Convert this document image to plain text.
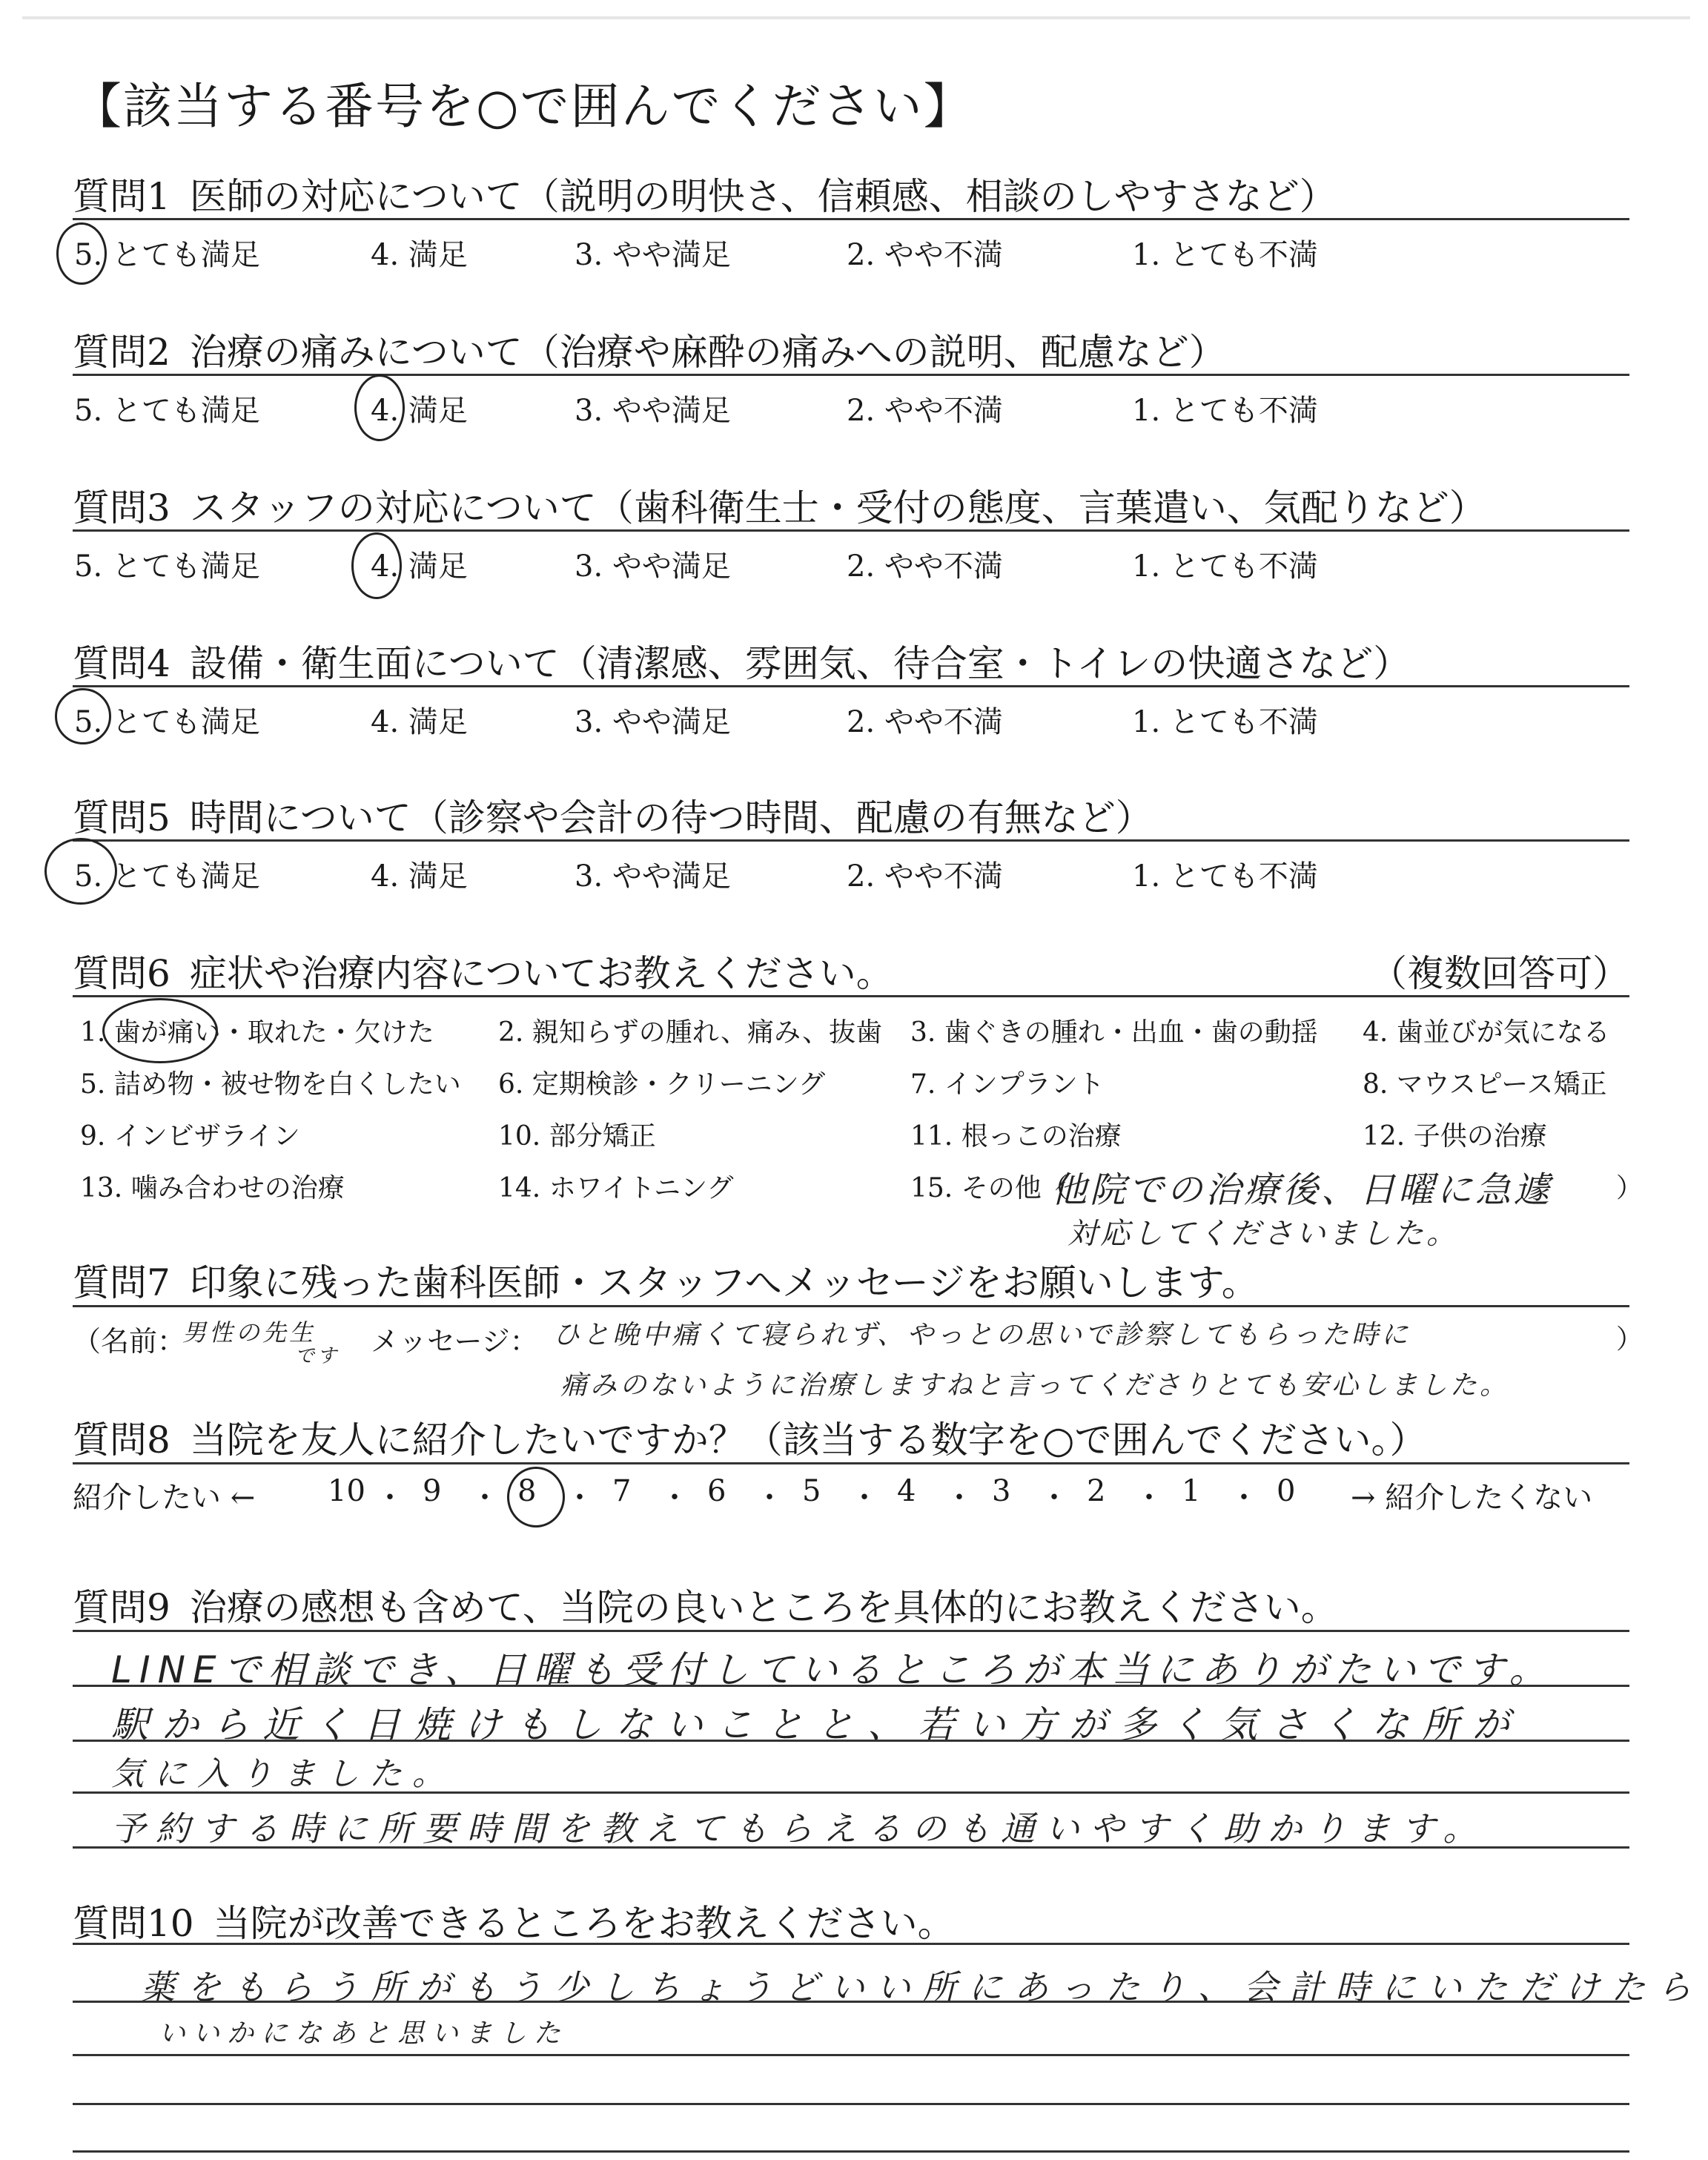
【該当する番号を○で囲んでください】
質問1 医師の対応について（説明の明快さ、信頼感、相談のしやすさなど）
5. とても満足	4. 満足	3. やや満足	2. やや不満	1. とても不満
質問2 治療の痛みについて（治療や麻酔の痛みへの説明、配慮など）
5. とても満足	4. 満足	3. やや満足	2. やや不満	1. とても不満
質問3 スタッフの対応について（歯科衛生士・受付の態度、言葉遣い、気配りなど）
5. とても満足	4. 満足	3. やや満足	2. やや不満	1. とても不満
質問4 設備・衛生面について（清潔感、雰囲気、待合室・トイレの快適さなど）
5. とても満足	4. 満足	3. やや満足	2. やや不満	1. とても不満
質問5 時間について（診察や会計の待つ時間、配慮の有無など）
5. とても満足	4. 満足	3. やや満足	2. やや不満	1. とても不満
質問6 症状や治療内容についてお教えください。	（複数回答可）
1. 歯が痛い・取れた・欠けた 2. 親知らずの腫れ、痛み、抜歯 3. 歯ぐきの腫れ・出血・歯の動揺 4. 歯並びが気になる
5. 詰め物・被せ物を白くしたい 6. 定期検診・クリーニング	7. インプラント	8. マウスピース矯正
9. インビザライン	10. 部分矯正	11. 根っこの治療	12. 子供の治療
13. 噛み合わせの治療	14. ホワイトニング	15. その他（	）
他院での治療後、日曜に急遽
対応してくださいました。
質問7 印象に残った歯科医師・スタッフへメッセージをお願いします。
（名前：
男性の先生
です メッセージ： ひと晩中痛くて寝られず、やっとの思いで診察してもらった時に
痛みのないように治療しますねと言ってくださりとても安心しました。
）
質問8 当院を友人に紹介したいですか？（該当する数字を○で囲んでください。）
紹介したい ← 10 ・ 9 ・ 8 ・ 7 ・ 6 ・ 5 ・ 4 ・ 3 ・ 2 ・ 1 ・ 0 → 紹介したくない
質問9 治療の感想も含めて、当院の良いところを具体的にお教えください。
LINEで相談でき、日曜も受付しているところが本当にありがたいです。
駅から近く日焼けもしないことと、若い方が多く気さくな所が
気に入りました。
予約する時に所要時間を教えてもらえるのも通いやすく助かります。
質問10 当院が改善できるところをお教えください。
薬をもらう所がもう少しちょうどいい所にあったり、会計時にいただけたら
いいかになあと思いました
